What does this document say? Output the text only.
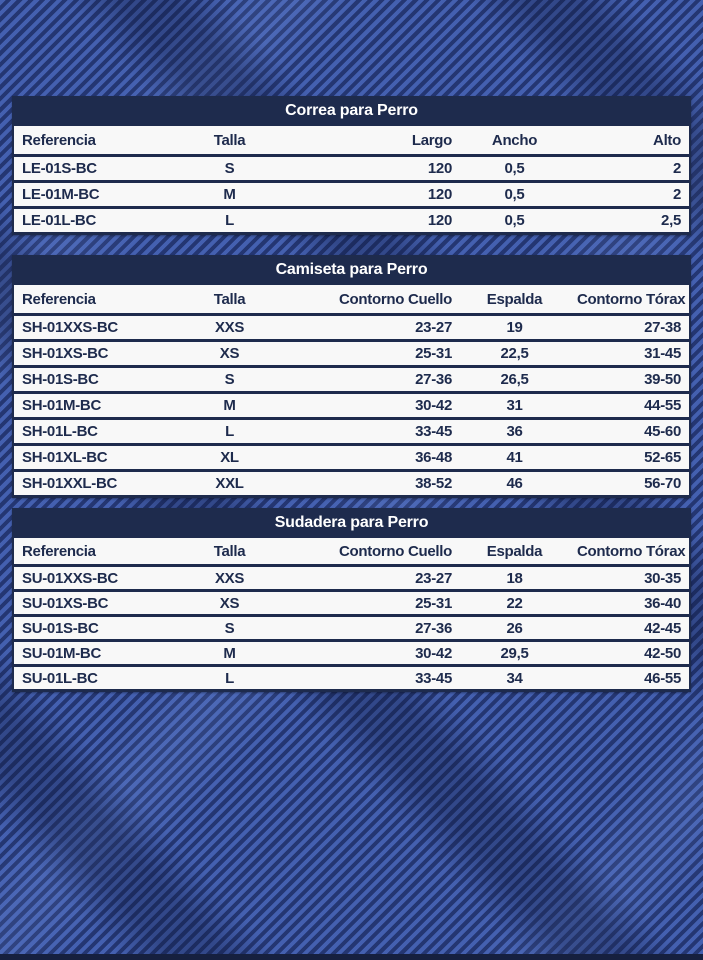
Correa para Perro
Referencia	Talla	Largo	Ancho	Alto
LE-01S-BC	S	120	0,5	2
LE-01M-BC	M	120	0,5	2
LE-01L-BC	L	120	0,5	2,5
Camiseta para Perro
Referencia	Talla	Contorno Cuello	Espalda	Contorno Tórax
SH-01XXS-BC	XXS	23-27	19	27-38
SH-01XS-BC	XS	25-31	22,5	31-45
SH-01S-BC	S	27-36	26,5	39-50
SH-01M-BC	M	30-42	31	44-55
SH-01L-BC	L	33-45	36	45-60
SH-01XL-BC	XL	36-48	41	52-65
SH-01XXL-BC	XXL	38-52	46	56-70
Sudadera para Perro
Referencia	Talla	Contorno Cuello	Espalda	Contorno Tórax
SU-01XXS-BC	XXS	23-27	18	30-35
SU-01XS-BC	XS	25-31	22	36-40
SU-01S-BC	S	27-36	26	42-45
SU-01M-BC	M	30-42	29,5	42-50
SU-01L-BC	L	33-45	34	46-55
